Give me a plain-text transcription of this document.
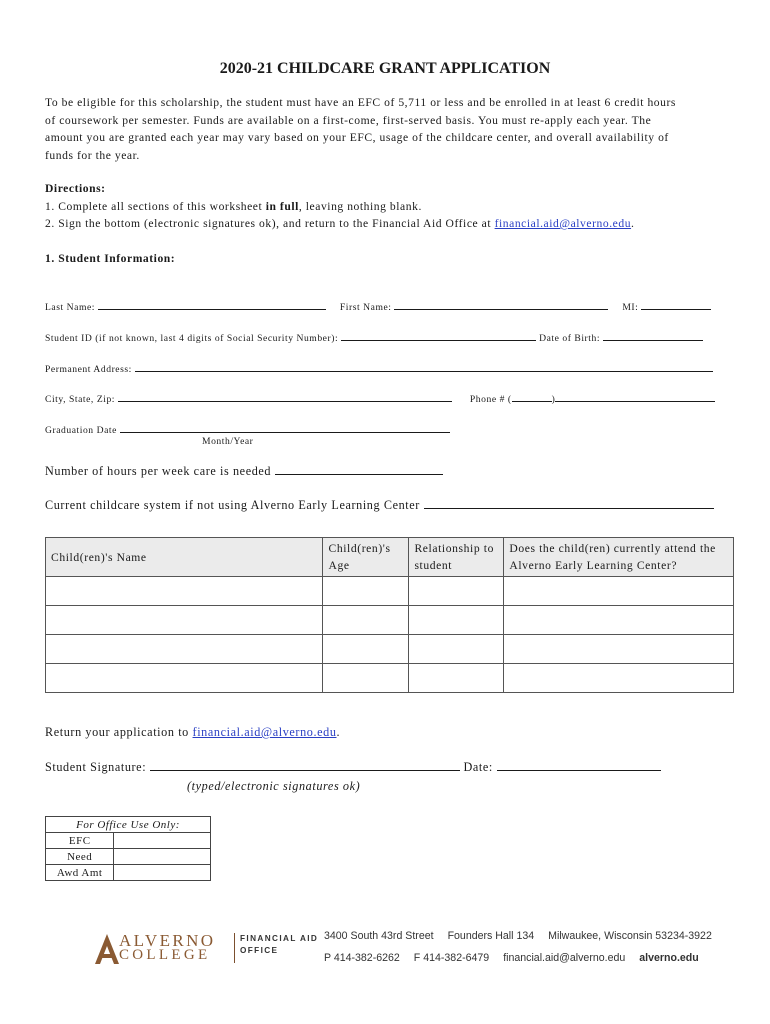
2020-21 CHILDCARE GRANT APPLICATION
To be eligible for this scholarship, the student must have an EFC of 5,711 or less and be enrolled in at least 6 credit hours
of coursework per semester. Funds are available on a first-come, first-served basis. You must re-apply each year. The
amount you are granted each year may vary based on your EFC, usage of the childcare center, and overall availability of
funds for the year.
Directions:
1. Complete all sections of this worksheet in full, leaving nothing blank.
2. Sign the bottom (electronic signatures ok), and return to the Financial Aid Office at financial.aid@alverno.edu.
1. Student Information:
Last Name:	First Name:	MI:
Student ID (if not known, last 4 digits of Social Security Number):	Date of Birth:
Permanent Address:
City, State, Zip:	Phone # (	)
Graduation Date
Month/Year
Number of hours per week care is needed
Current childcare system if not using Alverno Early Learning Center
Child(ren)'s Name	Child(ren)'s Age	Relationship to student	Does the child(ren) currently attend the Alverno Early Learning Center?

Return your application to financial.aid@alverno.edu.
Student Signature:	Date:
(typed/electronic signatures ok)
For Office Use Only:	
EFC	
Need	
Awd Amt	
ALVERNO
COLLEGE
FINANCIAL AID
OFFICE
3400 South 43rd Street Founders Hall 134 Milwaukee, Wisconsin 53234-3922
P 414-382-6262 F 414-382-6479 financial.aid@alverno.edu alverno.edu
